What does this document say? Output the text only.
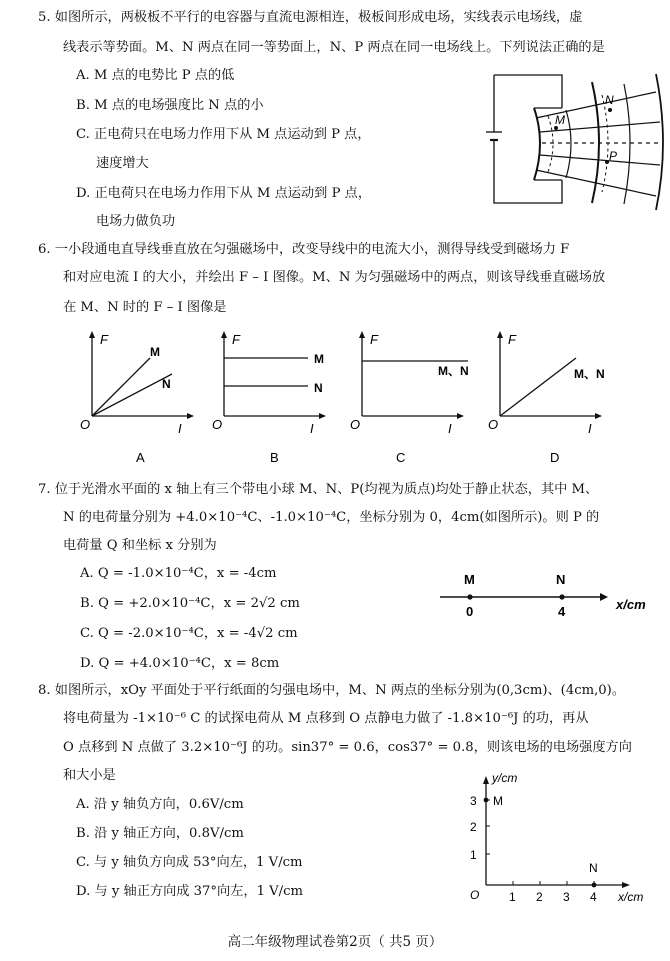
5. 如图所示，两极板不平行的电容器与直流电源相连，极板间形成电场，实线表示电场线，虚
线表示等势面。M、N 两点在同一等势面上，N、P 两点在同一电场线上。下列说法正确的是
A. M 点的电势比 P 点的低
B. M 点的电场强度比 N 点的小
C. 正电荷只在电场力作用下从 M 点运动到 P 点，
速度增大
D. 正电荷只在电场力作用下从 M 点运动到 P 点，
电场力做负功
M
N
P
6. 一小段通电直导线垂直放在匀强磁场中，改变导线中的电流大小，测得导线受到磁场力 F
和对应电流 I 的大小，并绘出 F – I 图像。M、N 为匀强磁场中的两点，则该导线垂直磁场放
在 M、N 时的 F – I 图像是
F
I
O
M
N
A
F
I
O
M
N
B
F
I
O
M、N
C
F
I
O
M、N
D
7. 位于光滑水平面的 x 轴上有三个带电小球 M、N、P(均视为质点)均处于静止状态，其中 M、
N 的电荷量分别为 +4.0×10⁻⁴C、-1.0×10⁻⁴C，坐标分别为 0，4cm(如图所示)。则 P 的
电荷量 Q 和坐标 x 分别为
A. Q = -1.0×10⁻⁴C，x = -4cm
B. Q = +2.0×10⁻⁴C，x = 2√2 cm
C. Q = -2.0×10⁻⁴C，x = -4√2 cm
D. Q = +4.0×10⁻⁴C，x = 8cm
M	N
0	4	x/cm
8. 如图所示，xOy 平面处于平行纸面的匀强电场中，M、N 两点的坐标分别为(0,3cm)、(4cm,0)。
将电荷量为 -1×10⁻⁶ C 的试探电荷从 M 点移到 O 点静电力做了 -1.8×10⁻⁶J 的功，再从
O 点移到 N 点做了 3.2×10⁻⁶J 的功。sin37° = 0.6，cos37° = 0.8，则该电场的电场强度方向
和大小是
A. 沿 y 轴负方向，0.6V/cm
B. 沿 y 轴正方向，0.8V/cm
C. 与 y 轴负方向成 53°向左，1 V/cm
D. 与 y 轴正方向成 37°向左，1 V/cm
y/cm
x/cm
O 1 2 3 4
1
2
3 M
N
高二年级物理试卷第2页（ 共5 页）
